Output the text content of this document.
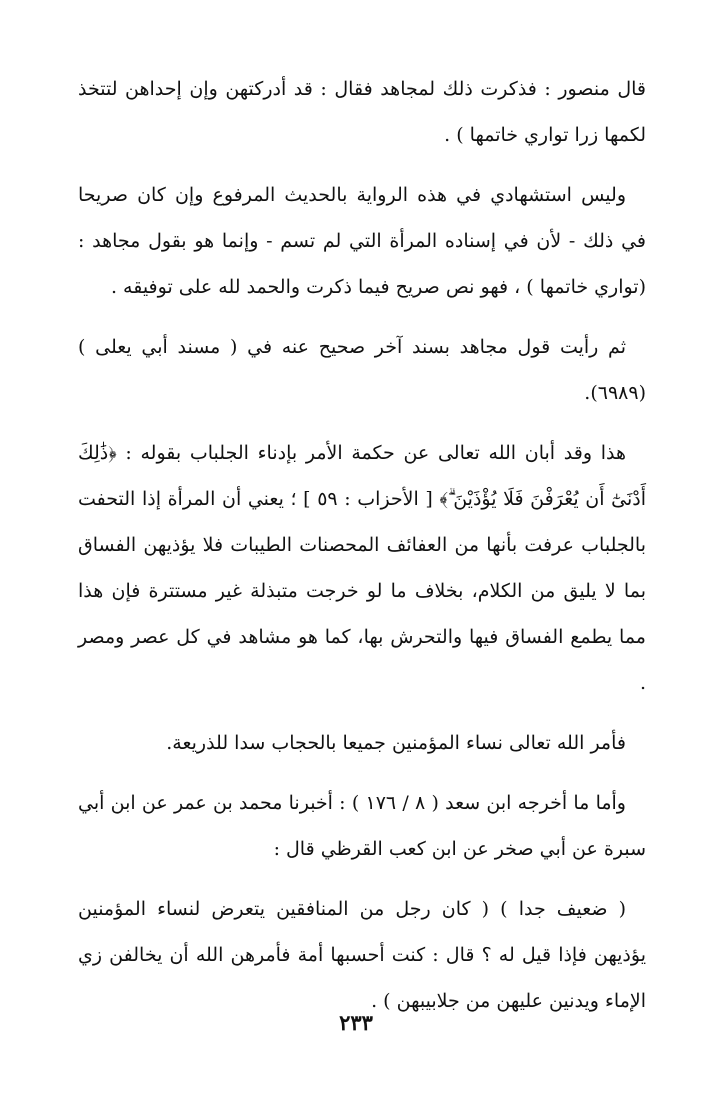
قال منصور : فذكرت ذلك لمجاهد فقال : قد أدركتهن وإن إحداهن لتتخذ لكمها زرا تواري خاتمها ) .

وليس استشهادي في هذه الرواية بالحديث المرفوع وإن كان صريحا في ذلك - لأن في إسناده المرأة التي لم تسم - وإنما هو بقول مجاهد : (تواري خاتمها ) ، فهو نص صريح فيما ذكرت والحمد لله على توفيقه .

ثم رأيت قول مجاهد بسند آخر صحيح عنه في ( مسند أبي يعلى ) (٦٩٨٩).

هذا وقد أبان الله تعالى عن حكمة الأمر بإدناء الجلباب بقوله : ﴿ذَٰلِكَ أَدْنَىٰٓ أَن يُعْرَفْنَ فَلَا يُؤْذَيْنَ ۗ﴾ [ الأحزاب : ٥٩ ] ؛ يعني أن المرأة إذا التحفت بالجلباب عرفت بأنها من العفائف المحصنات الطيبات فلا يؤذيهن الفساق بما لا يليق من الكلام، بخلاف ما لو خرجت متبذلة غير مستترة فإن هذا مما يطمع الفساق فيها والتحرش بها، كما هو مشاهد في كل عصر ومصر .

فأمر الله تعالى نساء المؤمنين جميعا بالحجاب سدا للذريعة.

وأما ما أخرجه ابن سعد ( ٨ / ١٧٦ ) : أخبرنا محمد بن عمر عن ابن أبي سبرة عن أبي صخر عن ابن كعب القرظي قال :

( ضعيف جدا ) ( كان رجل من المنافقين يتعرض لنساء المؤمنين يؤذيهن فإذا قيل له ؟ قال : كنت أحسبها أمة فأمرهن الله أن يخالفن زي الإماء ويدنين عليهن من جلابيبهن ) .

٢٣٣
